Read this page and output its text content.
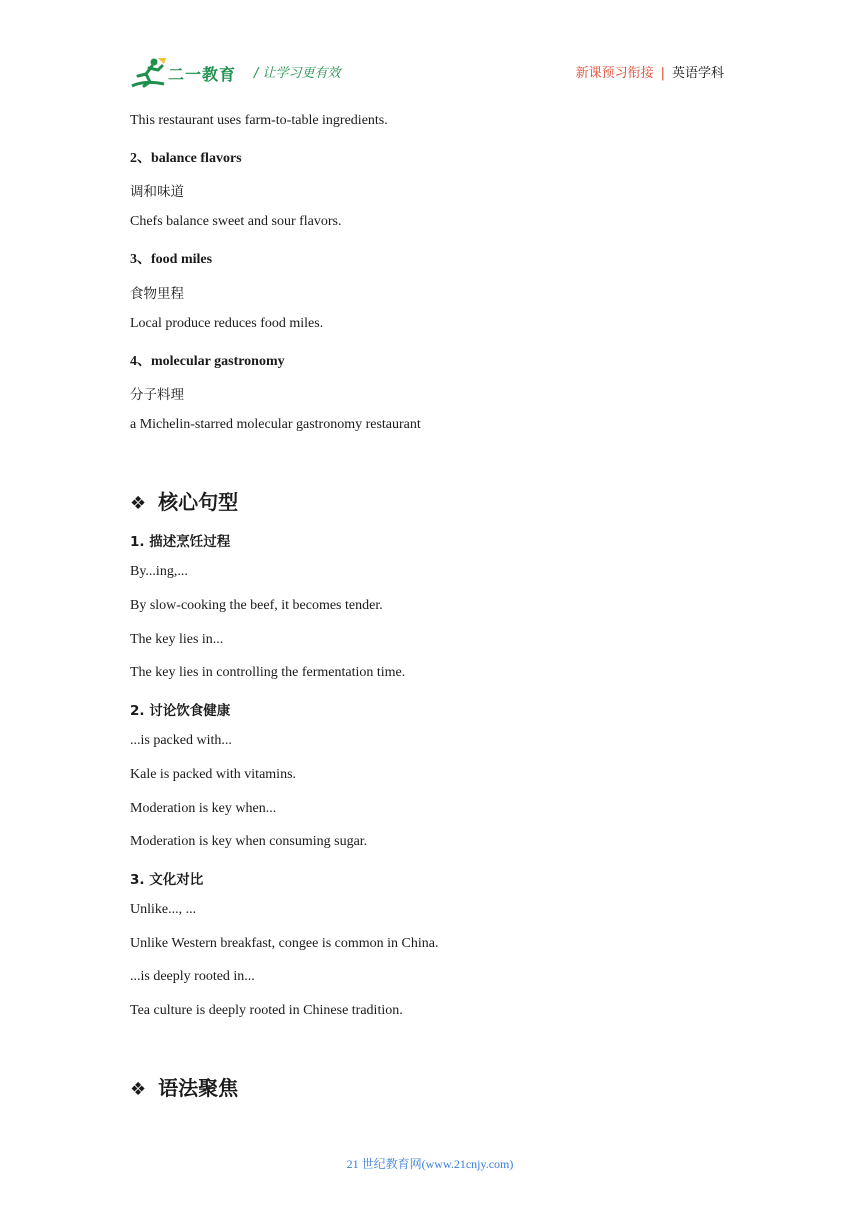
二一教育 / 让学习更有效	新课预习衔接 | 英语学科
This restaurant uses farm-to-table ingredients.
2、balance flavors
调和味道
Chefs balance sweet and sour flavors.
3、food miles
食物里程
Local produce reduces food miles.
4、molecular gastronomy
分子料理
a Michelin-starred molecular gastronomy restaurant
❖ 核心句型
1. 描述烹饪过程
By...ing,...
By slow-cooking the beef, it becomes tender.
The key lies in...
The key lies in controlling the fermentation time.
2. 讨论饮食健康
...is packed with...
Kale is packed with vitamins.
Moderation is key when...
Moderation is key when consuming sugar.
3. 文化对比
Unlike..., ...
Unlike Western breakfast, congee is common in China.
...is deeply rooted in...
Tea culture is deeply rooted in Chinese tradition.
❖ 语法聚焦
21 世纪教育网(www.21cnjy.com)
